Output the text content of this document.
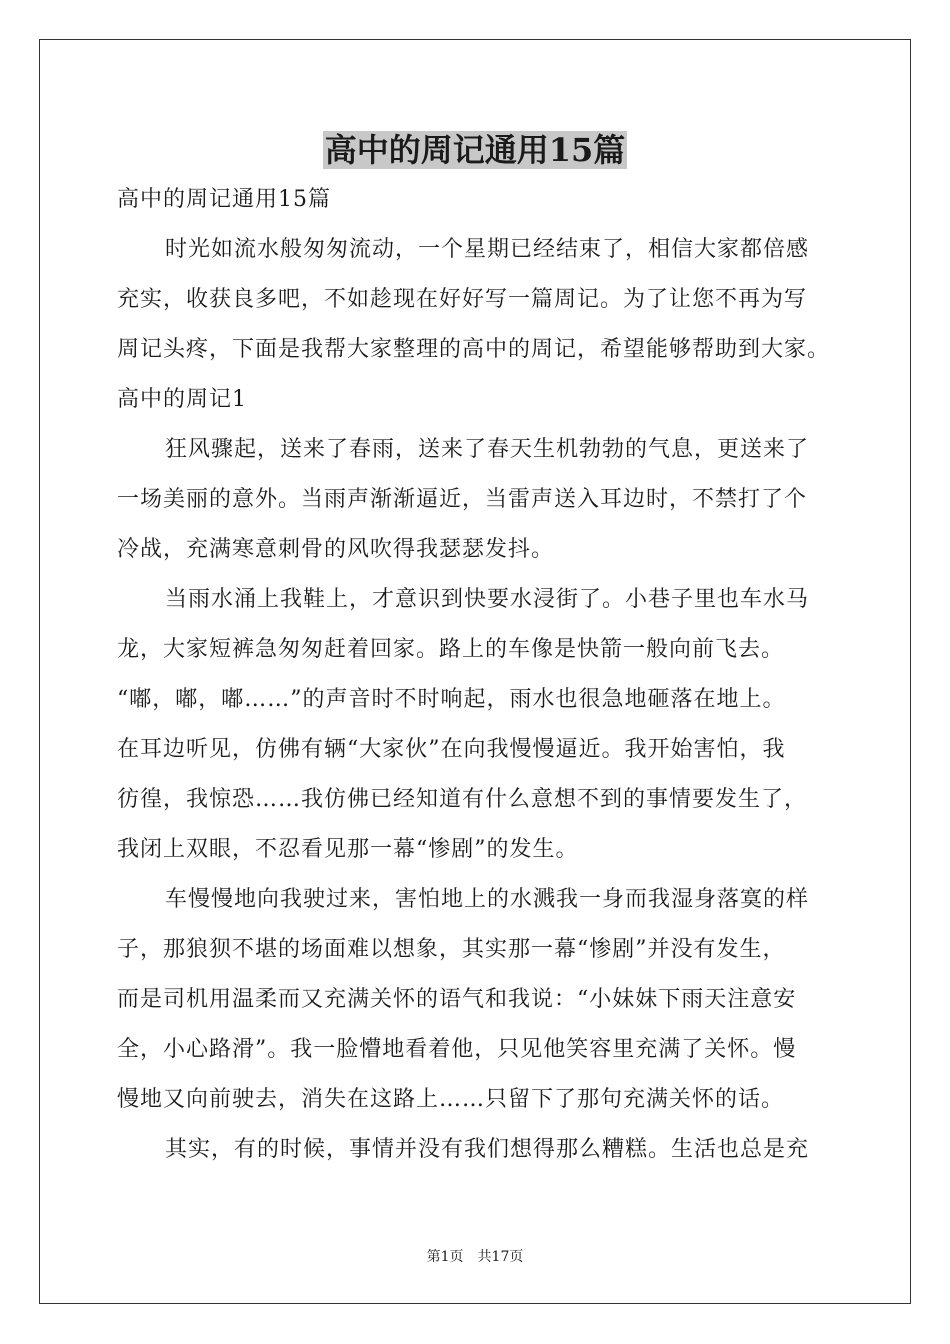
高中的周记通用15篇
高中的周记通用15篇
时光如流水般匆匆流动，一个星期已经结束了，相信大家都倍感
充实，收获良多吧，不如趁现在好好写一篇周记。为了让您不再为写
周记头疼，下面是我帮大家整理的高中的周记，希望能够帮助到大家。
高中的周记1
狂风骤起，送来了春雨，送来了春天生机勃勃的气息，更送来了
一场美丽的意外。当雨声渐渐逼近，当雷声送入耳边时，不禁打了个
冷战，充满寒意刺骨的风吹得我瑟瑟发抖。
当雨水涌上我鞋上，才意识到快要水浸街了。小巷子里也车水马
龙，大家短裤急匆匆赶着回家。路上的车像是快箭一般向前飞去。
“嘟，嘟，嘟……”的声音时不时响起，雨水也很急地砸落在地上。
在耳边听见，仿佛有辆“大家伙”在向我慢慢逼近。我开始害怕，我
彷徨，我惊恐……我仿佛已经知道有什么意想不到的事情要发生了，
我闭上双眼，不忍看见那一幕“惨剧”的发生。
车慢慢地向我驶过来，害怕地上的水溅我一身而我湿身落寞的样
子，那狼狈不堪的场面难以想象，其实那一幕“惨剧”并没有发生，
而是司机用温柔而又充满关怀的语气和我说：“小妹妹下雨天注意安
全，小心路滑”。我一脸懵地看着他，只见他笑容里充满了关怀。慢
慢地又向前驶去，消失在这路上……只留下了那句充满关怀的话。
其实，有的时候，事情并没有我们想得那么糟糕。生活也总是充
第1页 共17页
